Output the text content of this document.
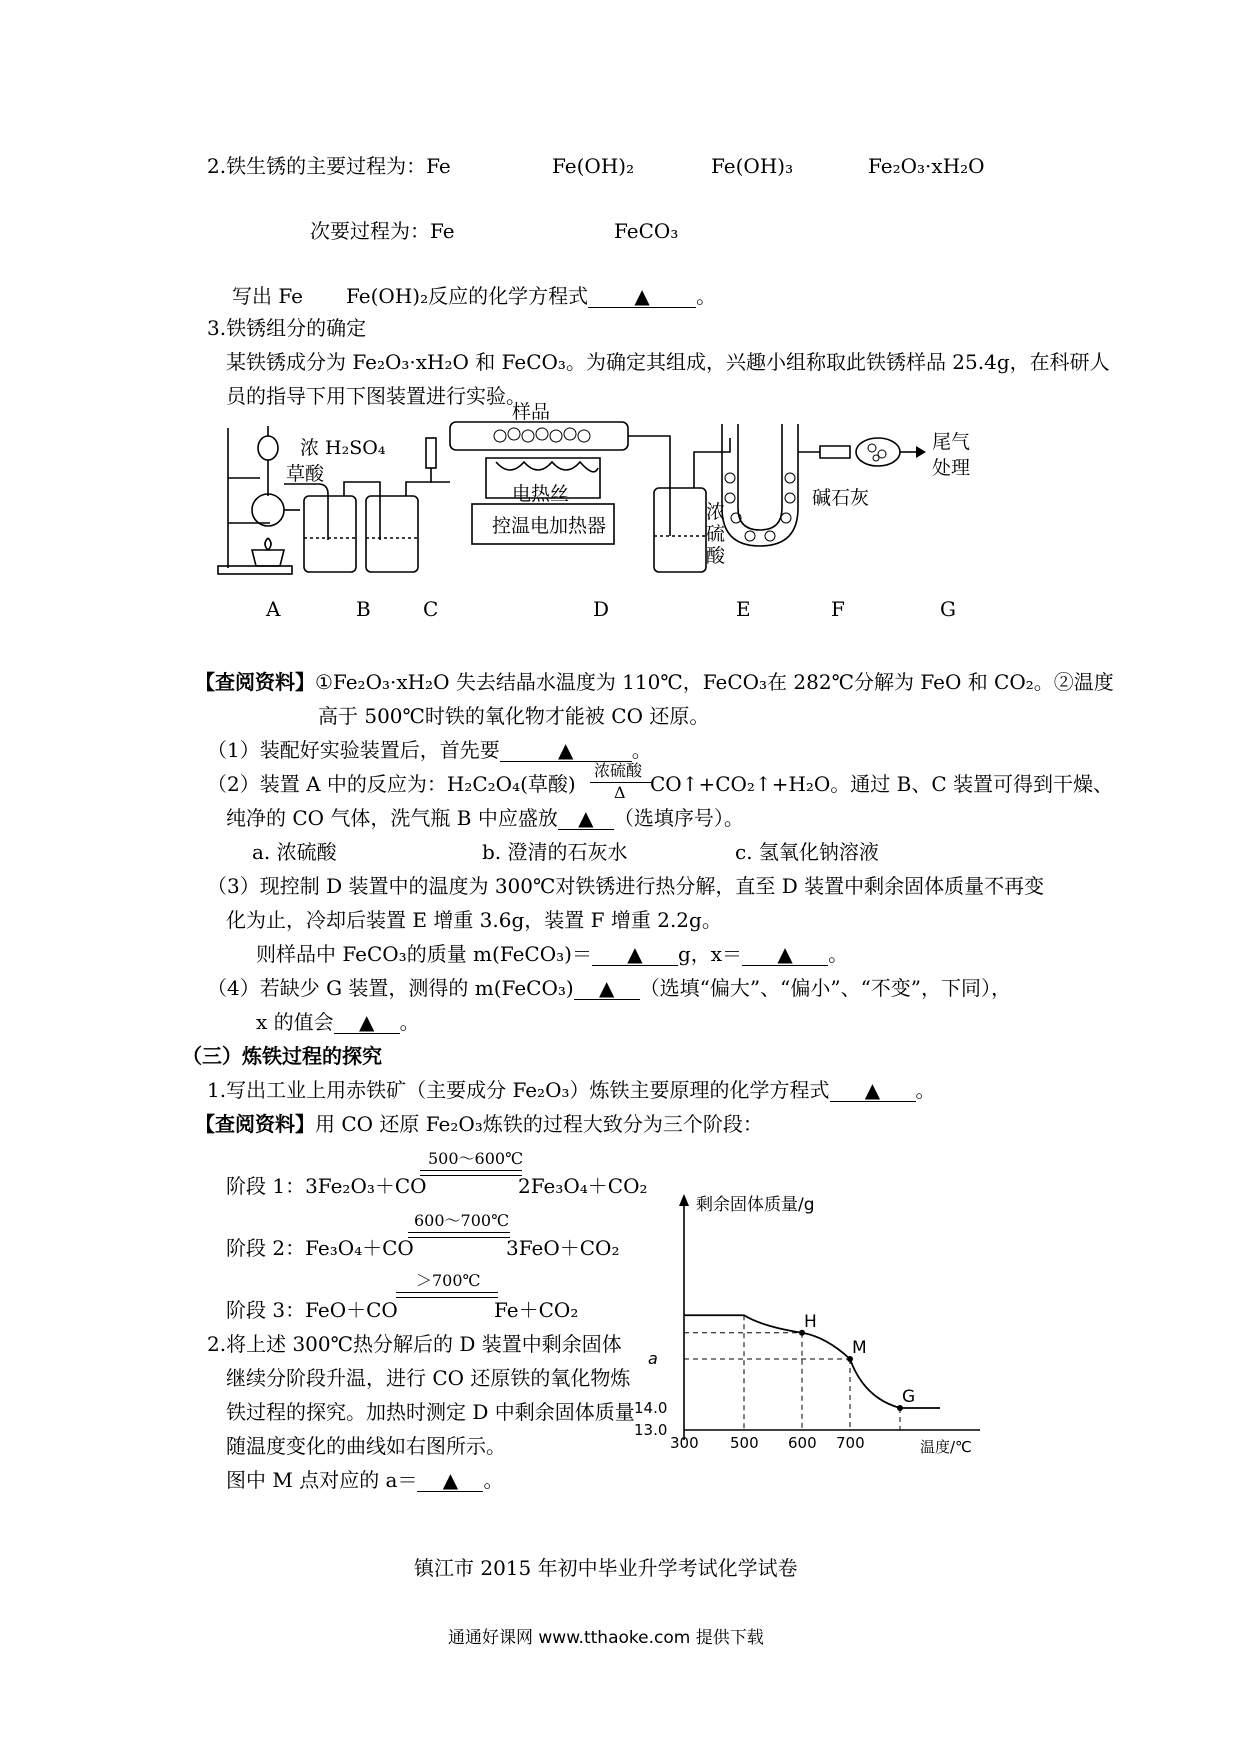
2.铁生锈的主要过程为：Fe	Fe(OH)₂	Fe(OH)₃	Fe₂O₃·xH₂O
次要过程为：Fe	FeCO₃
写出 Fe Fe(OH)₂反应的化学方程式 ▲ 。
3.铁锈组分的确定
某铁锈成分为 Fe₂O₃·xH₂O 和 FeCO₃。为确定其组成，兴趣小组称取此铁锈样品 25.4g，在科研人
员的指导下用下图装置进行实验。
浓 H₂SO₄
草酸
样品
电热丝
控温电加热器
浓
硫
酸
碱石灰
尾气
处理
A	B	C	D	E	F	G
【查阅资料】①Fe₂O₃·xH₂O 失去结晶水温度为 110℃，FeCO₃在 282℃分解为 FeO 和 CO₂。②温度
高于 500℃时铁的氧化物才能被 CO 还原。
（1）装配好实验装置后，首先要	▲	。
（2）装置 A 中的反应为：H₂C₂O₄(草酸)
浓硫酸
Δ CO↑+CO₂↑+H₂O。通过 B、C 装置可得到干燥、
纯净的 CO 气体，洗气瓶 B 中应盛放 ▲ （选填序号）。
a. 浓硫酸	b. 澄清的石灰水	c. 氢氧化钠溶液
（3）现控制 D 装置中的温度为 300℃对铁锈进行热分解，直至 D 装置中剩余固体质量不再变
化为止，冷却后装置 E 增重 3.6g，装置 F 增重 2.2g。
则样品中 FeCO₃的质量 m(FeCO₃)＝ ▲ g，x＝ ▲ 。
（4）若缺少 G 装置，测得的 m(FeCO₃) ▲ （选填“偏大”、“偏小”、“不变”，下同），
x 的值会 ▲ 。
（三）炼铁过程的探究
1.写出工业上用赤铁矿（主要成分 Fe₂O₃）炼铁主要原理的化学方程式 ▲ 。
【查阅资料】用 CO 还原 Fe₂O₃炼铁的过程大致分为三个阶段：
500～600℃
阶段 1：3Fe₂O₃＋CO	2Fe₃O₄＋CO₂
600～700℃
阶段 2：Fe₃O₄＋CO	3FeO＋CO₂
＞700℃
阶段 3：FeO＋CO	Fe＋CO₂
2.将上述 300℃热分解后的 D 装置中剩余固体
继续分阶段升温，进行 CO 还原铁的氧化物炼
铁过程的探究。加热时测定 D 中剩余固体质量
随温度变化的曲线如右图所示。
图中 M 点对应的 a＝ ▲ 。
剩余固体质量/g
温度/℃
300 500 600 700
13.0
14.0
H
M
G
a
镇江市 2015 年初中毕业升学考试化学试卷
通通好课网 www.tthaoke.com 提供下载
